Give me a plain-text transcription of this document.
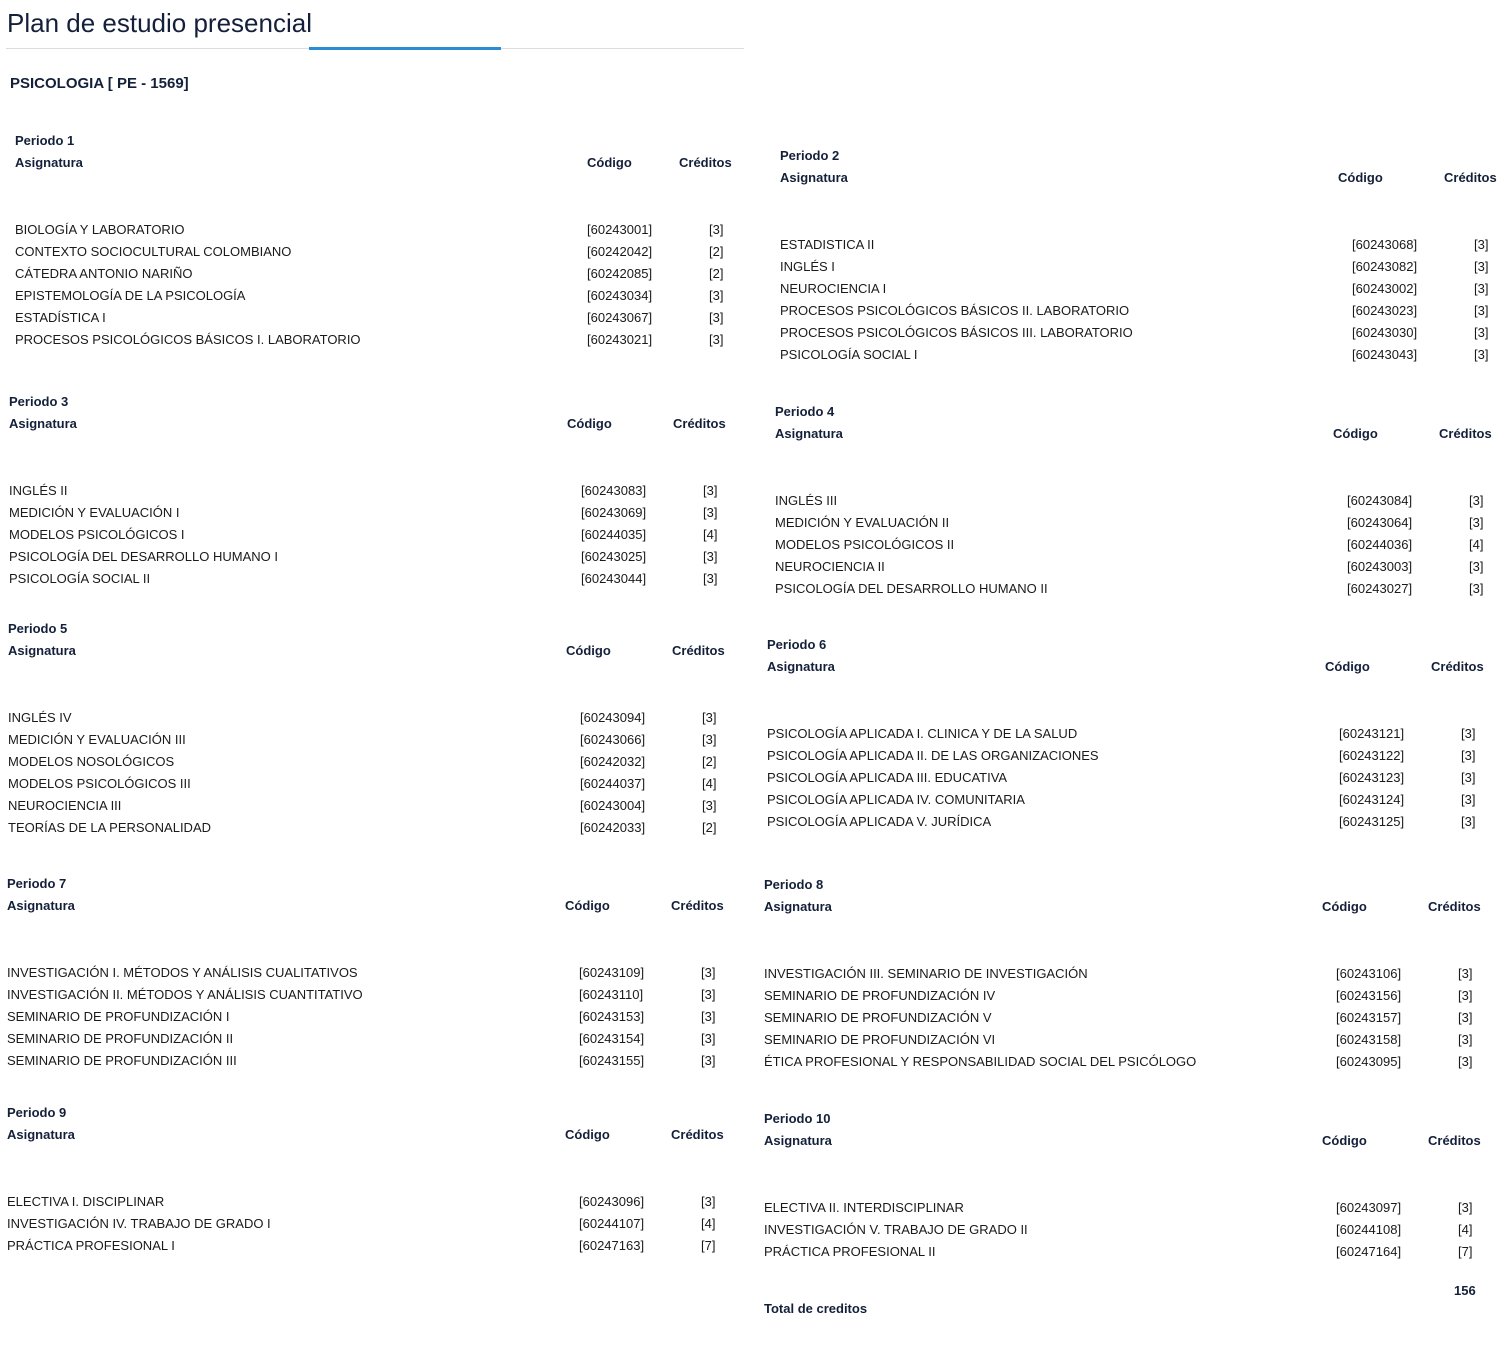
Plan de estudio presencial
PSICOLOGIA [ PE - 1569]
Periodo 1
Asignatura	Código	Créditos
BIOLOGÍA Y LABORATORIO	[60243001]	[3]
CONTEXTO SOCIOCULTURAL COLOMBIANO	[60242042]	[2]
CÁTEDRA ANTONIO NARIÑO	[60242085]	[2]
EPISTEMOLOGÍA DE LA PSICOLOGÍA	[60243034]	[3]
ESTADÍSTICA I	[60243067]	[3]
PROCESOS PSICOLÓGICOS BÁSICOS I. LABORATORIO	[60243021]	[3]
Periodo 2
Asignatura	Código	Créditos
ESTADISTICA II	[60243068]	[3]
INGLÉS I	[60243082]	[3]
NEUROCIENCIA I	[60243002]	[3]
PROCESOS PSICOLÓGICOS BÁSICOS II. LABORATORIO	[60243023]	[3]
PROCESOS PSICOLÓGICOS BÁSICOS III. LABORATORIO	[60243030]	[3]
PSICOLOGÍA SOCIAL I	[60243043]	[3]
Periodo 3
Asignatura	Código	Créditos
INGLÉS II	[60243083]	[3]
MEDICIÓN Y EVALUACIÓN I	[60243069]	[3]
MODELOS PSICOLÓGICOS I	[60244035]	[4]
PSICOLOGÍA DEL DESARROLLO HUMANO I	[60243025]	[3]
PSICOLOGÍA SOCIAL II	[60243044]	[3]
Periodo 4
Asignatura	Código	Créditos
INGLÉS III	[60243084]	[3]
MEDICIÓN Y EVALUACIÓN II	[60243064]	[3]
MODELOS PSICOLÓGICOS II	[60244036]	[4]
NEUROCIENCIA II	[60243003]	[3]
PSICOLOGÍA DEL DESARROLLO HUMANO II	[60243027]	[3]
Periodo 5
Asignatura	Código	Créditos
INGLÉS IV	[60243094]	[3]
MEDICIÓN Y EVALUACIÓN III	[60243066]	[3]
MODELOS NOSOLÓGICOS	[60242032]	[2]
MODELOS PSICOLÓGICOS III	[60244037]	[4]
NEUROCIENCIA III	[60243004]	[3]
TEORÍAS DE LA PERSONALIDAD	[60242033]	[2]
Periodo 6
Asignatura	Código	Créditos
PSICOLOGÍA APLICADA I. CLINICA Y DE LA SALUD	[60243121]	[3]
PSICOLOGÍA APLICADA II. DE LAS ORGANIZACIONES	[60243122]	[3]
PSICOLOGÍA APLICADA III. EDUCATIVA	[60243123]	[3]
PSICOLOGÍA APLICADA IV. COMUNITARIA	[60243124]	[3]
PSICOLOGÍA APLICADA V. JURÍDICA	[60243125]	[3]
Periodo 7
Asignatura	Código	Créditos
INVESTIGACIÓN I. MÉTODOS Y ANÁLISIS CUALITATIVOS	[60243109]	[3]
INVESTIGACIÓN II. MÉTODOS Y ANÁLISIS CUANTITATIVO	[60243110]	[3]
SEMINARIO DE PROFUNDIZACIÓN I	[60243153]	[3]
SEMINARIO DE PROFUNDIZACIÓN II	[60243154]	[3]
SEMINARIO DE PROFUNDIZACIÓN III	[60243155]	[3]
Periodo 8
Asignatura	Código	Créditos
INVESTIGACIÓN III. SEMINARIO DE INVESTIGACIÓN	[60243106]	[3]
SEMINARIO DE PROFUNDIZACIÓN IV	[60243156]	[3]
SEMINARIO DE PROFUNDIZACIÓN V	[60243157]	[3]
SEMINARIO DE PROFUNDIZACIÓN VI	[60243158]	[3]
ÉTICA PROFESIONAL Y RESPONSABILIDAD SOCIAL DEL PSICÓLOGO	[60243095]	[3]
Periodo 9
Asignatura	Código	Créditos
ELECTIVA I. DISCIPLINAR	[60243096]	[3]
INVESTIGACIÓN IV. TRABAJO DE GRADO I	[60244107]	[4]
PRÁCTICA PROFESIONAL I	[60247163]	[7]
Periodo 10
Asignatura	Código	Créditos
ELECTIVA II. INTERDISCIPLINAR	[60243097]	[3]
INVESTIGACIÓN V. TRABAJO DE GRADO II	[60244108]	[4]
PRÁCTICA PROFESIONAL II	[60247164]	[7]
156
Total de creditos
